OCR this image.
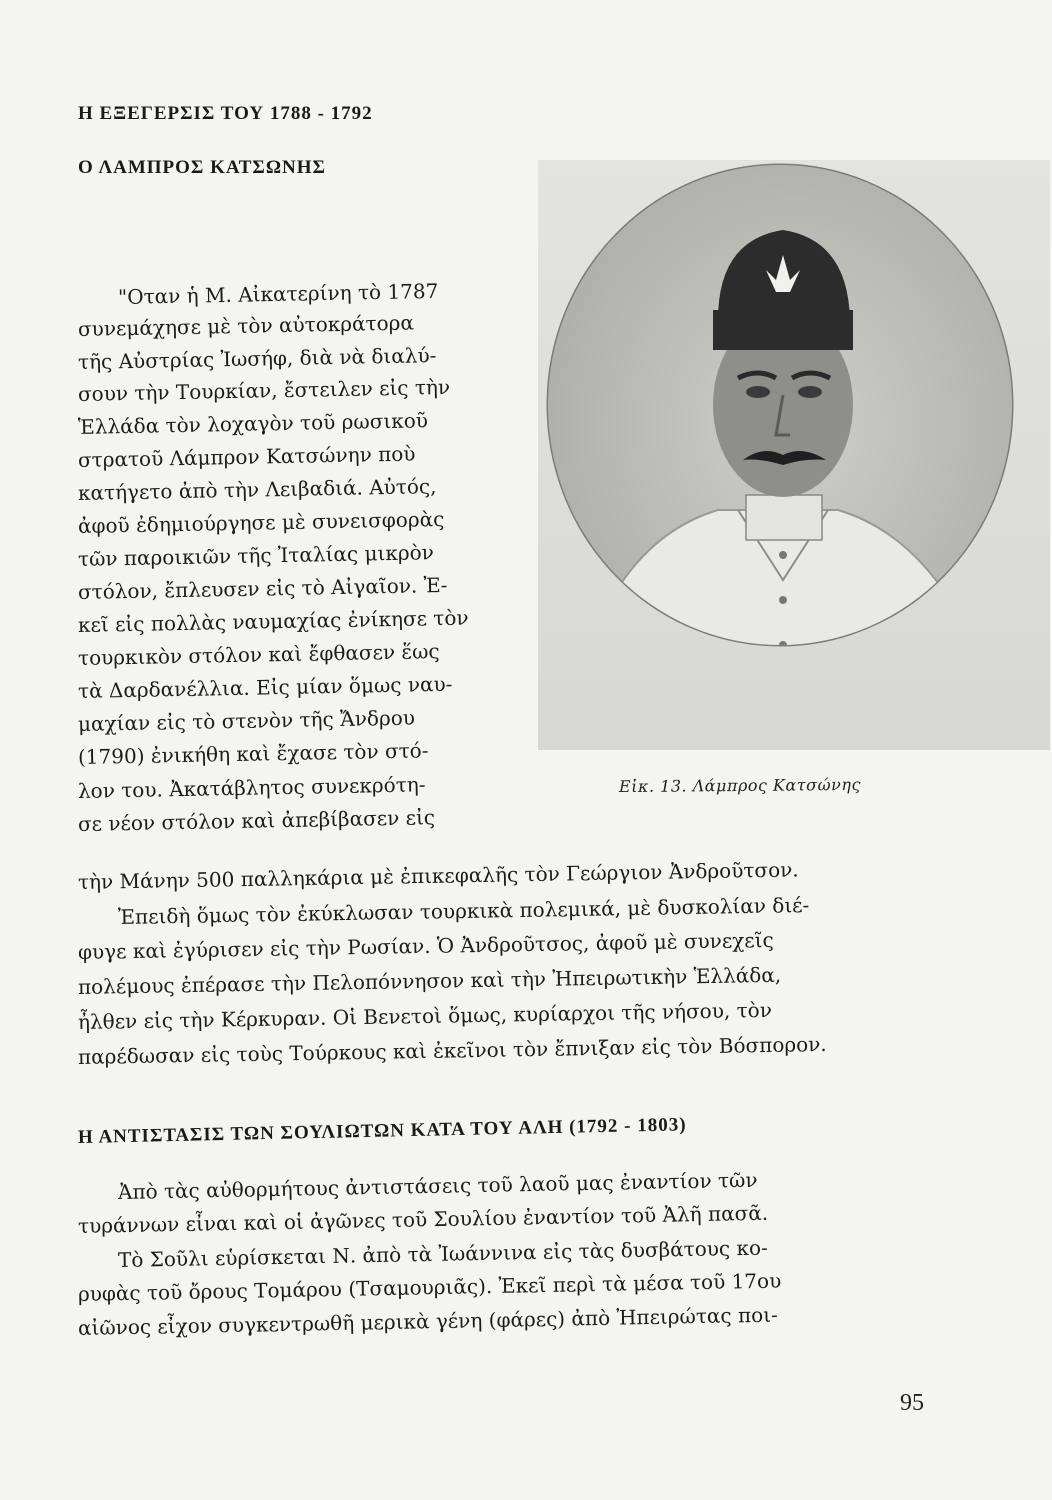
Η ΕΞΕΓΕΡΣΙΣ ΤΟΥ 1788 - 1792
Ο ΛΑΜΠΡΟΣ ΚΑΤΣΩΝΗΣ
"Οταν ἡ Μ. Αἰκατερίνη τὸ 1787
συνεμάχησε μὲ τὸν αὐτοκράτορα
τῆς Αὐστρίας Ἰωσήφ, διὰ νὰ διαλύ-
σουν τὴν Τουρκίαν, ἔστειλεν εἰς τὴν
Ἑλλάδα τὸν λοχαγὸν τοῦ ρωσικοῦ
στρατοῦ Λάμπρον Κατσώνην ποὺ
κατήγετο ἀπὸ τὴν Λειβαδιά. Αὐτός,
ἀφοῦ ἐδημιούργησε μὲ συνεισφορὰς
τῶν παροικιῶν τῆς Ἰταλίας μικρὸν
στόλον, ἔπλευσεν εἰς τὸ Αἰγαῖον. Ἐ-
κεῖ εἰς πολλὰς ναυμαχίας ἐνίκησε τὸν
τουρκικὸν στόλον καὶ ἔφθασεν ἕως
τὰ Δαρδανέλλια. Εἰς μίαν ὅμως ναυ-
μαχίαν εἰς τὸ στενὸν τῆς Ἄνδρου
(1790) ἐνικήθη καὶ ἔχασε τὸν στό-
λον του. Ἀκατάβλητος συνεκρότη-
σε νέον στόλον καὶ ἀπεβίβασεν εἰς
Εἰκ. 13. Λάμπρος Κατσώνης
τὴν Μάνην 500 παλληκάρια μὲ ἐπικεφαλῆς τὸν Γεώργιον Ἀνδροῦτσον.
Ἐπειδὴ ὅμως τὸν ἐκύκλωσαν τουρκικὰ πολεμικά, μὲ δυσκολίαν διέ-
φυγε καὶ ἐγύρισεν εἰς τὴν Ρωσίαν. Ὁ Ἀνδροῦτσος, ἀφοῦ μὲ συνεχεῖς
πολέμους ἐπέρασε τὴν Πελοπόννησον καὶ τὴν Ἠπειρωτικὴν Ἑλλάδα,
ἦλθεν εἰς τὴν Κέρκυραν. Οἱ Βενετοὶ ὅμως, κυρίαρχοι τῆς νήσου, τὸν
παρέδωσαν εἰς τοὺς Τούρκους καὶ ἐκεῖνοι τὸν ἔπνιξαν εἰς τὸν Βόσπορον.
Η ΑΝΤΙΣΤΑΣΙΣ ΤΩΝ ΣΟΥΛΙΩΤΩΝ ΚΑΤΑ ΤΟΥ ΑΛΗ (1792 - 1803)
Ἀπὸ τὰς αὐθορμήτους ἀντιστάσεις τοῦ λαοῦ μας ἐναντίον τῶν
τυράννων εἶναι καὶ οἱ ἀγῶνες τοῦ Σουλίου ἐναντίον τοῦ Ἀλῆ πασᾶ.
Τὸ Σοῦλι εὑρίσκεται Ν. ἀπὸ τὰ Ἰωάννινα εἰς τὰς δυσβάτους κο-
ρυφὰς τοῦ ὄρους Τομάρου (Τσαμουριᾶς). Ἐκεῖ περὶ τὰ μέσα τοῦ 17ου
αἰῶνος εἶχον συγκεντρωθῆ μερικὰ γένη (φάρες) ἀπὸ Ἠπειρώτας ποι-
95
